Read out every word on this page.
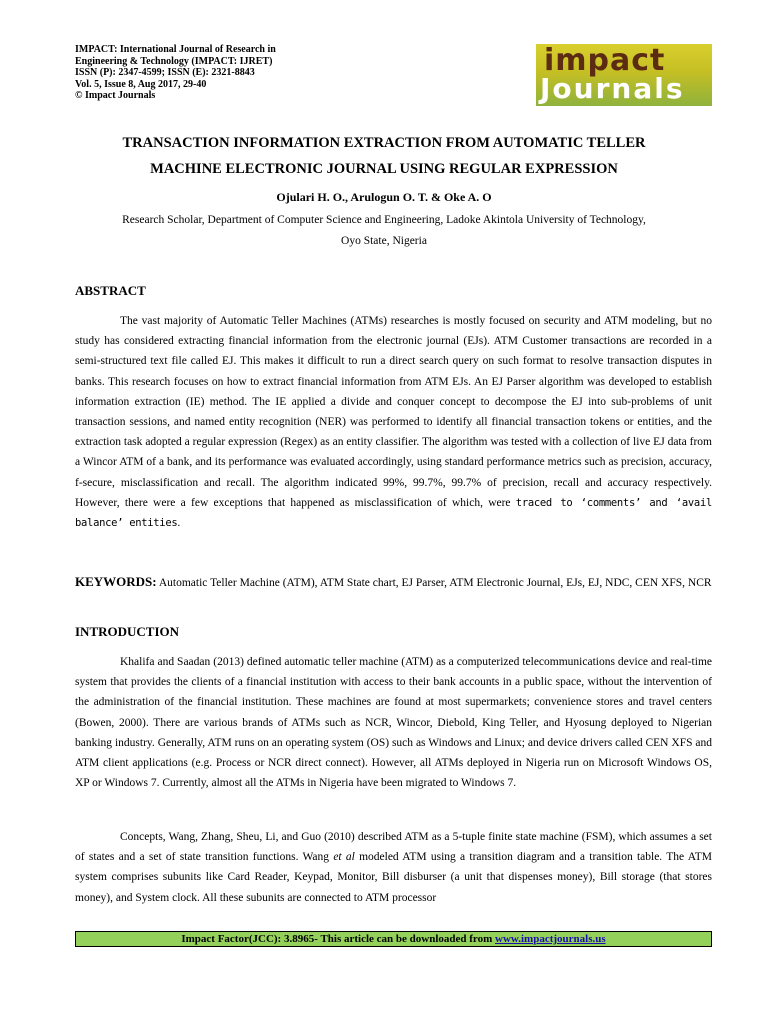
IMPACT: International Journal of Research in
Engineering & Technology (IMPACT: IJRET)
ISSN (P): 2347-4599; ISSN (E): 2321-8843
Vol. 5, Issue 8, Aug 2017, 29-40
© Impact Journals
impact
Journals
TRANSACTION INFORMATION EXTRACTION FROM AUTOMATIC TELLER
MACHINE ELECTRONIC JOURNAL USING REGULAR EXPRESSION
Ojulari H. O., Arulogun O. T. & Oke A. O
Research Scholar, Department of Computer Science and Engineering, Ladoke Akintola University of Technology,
Oyo State, Nigeria
ABSTRACT
The vast majority of Automatic Teller Machines (ATMs) researches is mostly focused on security and ATM modeling, but no study has considered extracting financial information from the electronic journal (EJs). ATM Customer transactions are recorded in a semi-structured text file called EJ. This makes it difficult to run a direct search query on such format to resolve transaction disputes in banks. This research focuses on how to extract financial information from ATM EJs. An EJ Parser algorithm was developed to establish information extraction (IE) method. The IE applied a divide and conquer concept to decompose the EJ into sub-problems of unit transaction sessions, and named entity recognition (NER) was performed to identify all financial transaction tokens or entities, and the extraction task adopted a regular expression (Regex) as an entity classifier. The algorithm was tested with a collection of live EJ data from a Wincor ATM of a bank, and its performance was evaluated accordingly, using standard performance metrics such as precision, accuracy, f-secure, misclassification and recall. The algorithm indicated 99%, 99.7%, 99.7% of precision, recall and accuracy respectively. However, there were a few exceptions that happened as misclassification of which, were traced to ‘comments’ and ‘avail balance’ entities.
KEYWORDS: Automatic Teller Machine (ATM), ATM State chart, EJ Parser, ATM Electronic Journal, EJs, EJ, NDC, CEN XFS, NCR
INTRODUCTION
Khalifa and Saadan (2013) defined automatic teller machine (ATM) as a computerized telecommunications device and real-time system that provides the clients of a financial institution with access to their bank accounts in a public space, without the intervention of the administration of the financial institution. These machines are found at most supermarkets; convenience stores and travel centers (Bowen, 2000). There are various brands of ATMs such as NCR, Wincor, Diebold, King Teller, and Hyosung deployed to Nigerian banking industry. Generally, ATM runs on an operating system (OS) such as Windows and Linux; and device drivers called CEN XFS and ATM client applications (e.g. Process or NCR direct connect). However, all ATMs deployed in Nigeria run on Microsoft Windows OS, XP or Windows 7. Currently, almost all the ATMs in Nigeria have been migrated to Windows 7.
Concepts, Wang, Zhang, Sheu, Li, and Guo (2010) described ATM as a 5-tuple finite state machine (FSM), which assumes a set of states and a set of state transition functions. Wang et al modeled ATM using a transition diagram and a transition table. The ATM system comprises subunits like Card Reader, Keypad, Monitor, Bill disburser (a unit that dispenses money), Bill storage (that stores money), and System clock. All these subunits are connected to ATM processor
Impact Factor(JCC): 3.8965- This article can be downloaded from www.impactjournals.us
